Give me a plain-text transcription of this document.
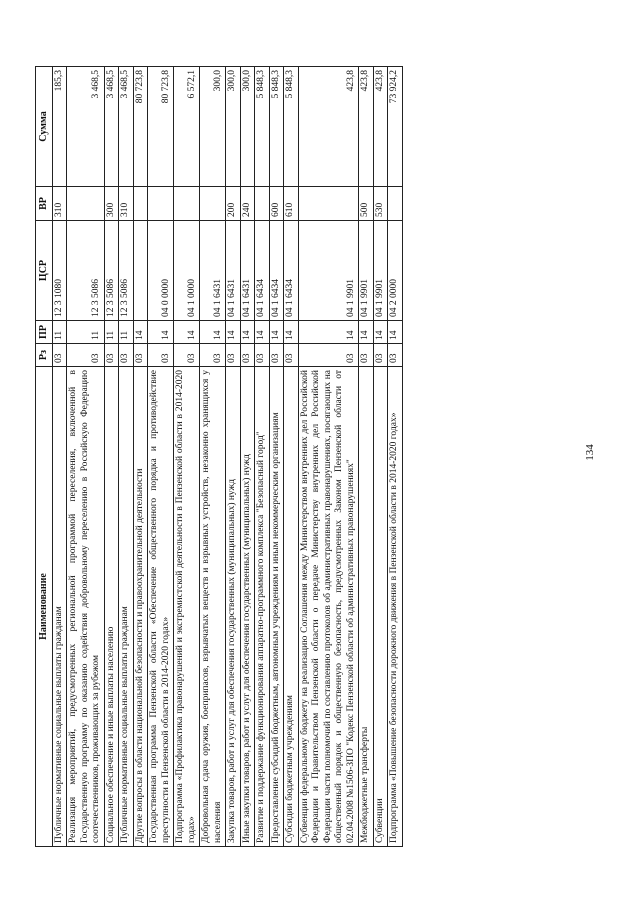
134
Наименование	Рз	ПР	ЦСР	ВР	Сумма
Публичные нормативные социальные выплаты гражданам	03	11	12 3 1080	310	185,3
Реализация мероприятий, предусмотренных региональной программой переселения, включенной в Государственную программу по оказанию содействия добровольному переселению в Российскую Федерацию соотечественников, проживающих за рубежом	03	11	12 3 5086		3 468,5
Социальное обеспечение и иные выплаты населению	03	11	12 3 5086	300	3 468,5
Публичные нормативные социальные выплаты гражданам	03	11	12 3 5086	310	3 468,5
Другие вопросы в области национальной безопасности и правоохранительной деятельности	03	14			80 723,8
Государственная программа Пензенской области «Обеспечение общественного порядка и противодействие преступности в Пензенской области в 2014-2020 годах»	03	14	04 0 0000		80 723,8
Подпрограмма «Профилактика правонарушений и экстремистской деятельности в Пензенской области в 2014-2020 годах»	03	14	04 1 0000		6 572,1
Добровольная сдача оружия, боеприпасов, взрывчатых веществ и взрывных устройств, незаконно хранящихся у населения	03	14	04 1 6431		300,0
Закупка товаров, работ и услуг для обеспечения государственных (муниципальных) нужд	03	14	04 1 6431	200	300,0
Иные закупки товаров, работ и услуг для обеспечения государственных (муниципальных) нужд	03	14	04 1 6431	240	300,0
Развитие и поддержание функционирования аппаратно-программного комплекса "Безопасный город"	03	14	04 1 6434		5 848,3
Предоставление субсидий бюджетным, автономным учреждениям и иным некоммерческим организациям	03	14	04 1 6434	600	5 848,3
Субсидии бюджетным учреждениям	03	14	04 1 6434	610	5 848,3
Субвенции федеральному бюджету на реализацию Соглашения между Министерством внутренних дел Российской Федерации и Правительством Пензенской области о передаче Министерству внутренних дел Российской Федерации части полномочий по составлению протоколов об административных правонарушениях, посягающих на общественный порядок и общественную безопасность, предусмотренных Законом Пензенской области от 02.04.2008 №1506-ЗПО "Кодекс Пензенской области об административных правонарушениях"	03	14	04 1 9901		423,8
Межбюджетные трансферты	03	14	04 1 9901	500	423,8
Субвенции	03	14	04 1 9901	530	423,8
Подпрограмма «Повышение безопасности дорожного движения в Пензенской области в 2014-2020 годах»	03	14	04 2 0000		73 924,2
